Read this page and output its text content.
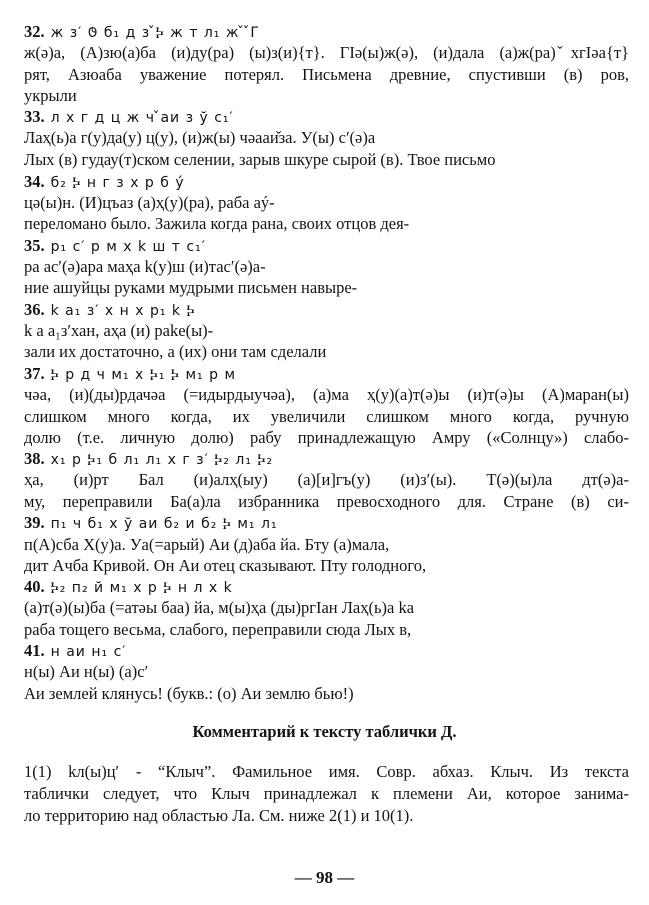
32. ж з′ 𐐃 б₁ д з ̌Ⰽ ж т л₁ ж ̌ ̌Г
ж(ә)а, (А)зю(а)ба (и)ду(ра) (ы)з(и){т}. ГІә(ы)ж(ә), (и)дала (а)ж(ра) ̌хгІәа{т}
рят, Азюаба уважение потерял. Письмена древние, спустивши (в) ров,
укрыли
33. л х г д ц ж ч ̌аи з ў с₁′
Лаҳ(ь)а г(у)да(у) ц(у), (и)ж(ы) чәааи̌за. У(ы) с′(ә)а
Лых (в) гудау(т)ском селении, зарыв шкуре сырой (в). Твое письмо
34. б₂ Ⰽ н г з х р б ý
цә(ы)н. (И)цъаз (а)ҳ(у)(ра), раба аý-
переломано было. Зажила когда рана, своих отцов дея-
35. р₁ с′ р м х k ш т с₁′
ра ас′(ә)ара маҳа k(у)ш (и)тас′(ә)а-
ние ашуйцы руками мудрыми письмен навыре-
36. k а₁ з′ х н х р₁ k Ⰽ
k а а₁з′хан, аҳа (и) раkе(ы)-
зали их достаточно, а (их) они там сделали
37. Ⰽ р д ч м₁ х Ⰽ₁ Ⰽ м₁ р м
чәа, (и)(ды)рдачәа (=идырдыучәа), (а)ма ҳ(у)(а)т(ә)ы (и)т(ә)ы (А)маран(ы)
слишком много когда, их увеличили слишком много когда, ручную
долю (т.е. личную долю) рабу принадлежащую Амру («Солнцу») слабо-
38. х₁ р Ⰽ₁ б л₁ л₁ х г з′ Ⰽ₂ л₁ Ⰽ₂
ҳа, (и)рт Бал (и)алҳ(ыу) (а)[и]гъ(у) (и)з′(ы). Т(ә)(ы)ла дт(ә)а-
му, переправили Ба(а)ла избранника превосходного для. Стране (в) си-
39. п₁ ч б₁ х ў аи б₂ и б₂ Ⰽ м₁ л₁
п(А)сба Х(у)а. Уа(=арый) Аи (д)аба йа. Бту (а)мала,
дит Ачба Кривой. Он Аи отец сказывают. Пту голодного,
40. Ⰽ₂ п₂ й м₁ х р Ⰽ н л х k
(а)т(ә)(ы)ба (=атәы баа) йа, м(ы)ҳа (ды)ргІан Лаҳ(ь)а kа
раба тощего весьма, слабого, переправили сюда Лых в,
41. н аи н₁ с′
н(ы) Аи н(ы) (а)с′
Аи землей клянусь! (букв.: (о) Аи землю бью!)
Комментарий к тексту таблички Д.
1(1) kл(ы)ц′ - “Клыч”. Фамильное имя. Совр. абхаз. Клыч. Из текста
таблички следует, что Клыч принадлежал к племени Аи, которое занима-
ло территорию над областью Ла. См. ниже 2(1) и 10(1).
— 98 —
